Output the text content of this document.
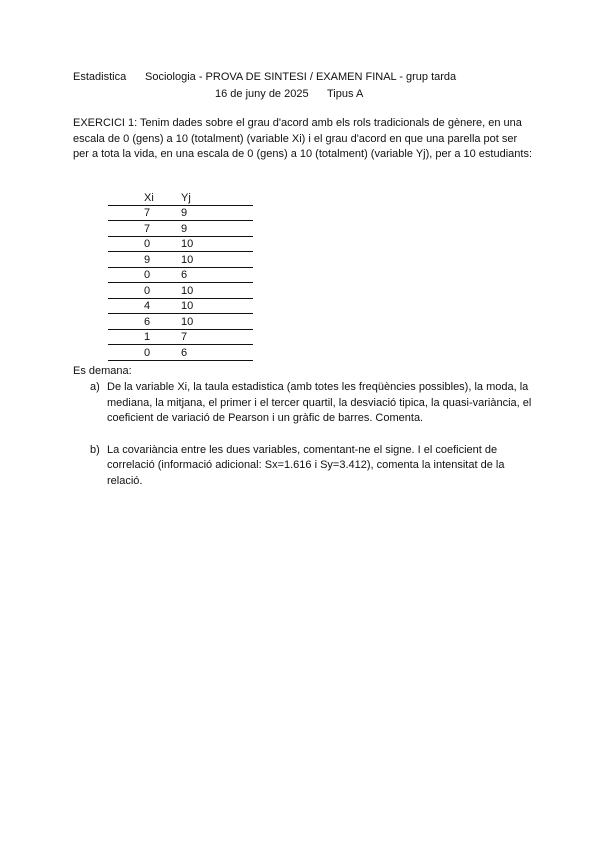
Estadistica Sociologia - PROVA DE SINTESI / EXAMEN FINAL - grup tarda
16 de juny de 2025 Tipus A

EXERCICI 1: Tenim dades sobre el grau d'acord amb els rols tradicionals de gènere, en una escala de 0 (gens) a 10 (totalment) (variable Xi) i el grau d'acord en que una parella pot ser per a tota la vida, en una escala de 0 (gens) a 10 (totalment) (variable Yj), per a 10 estudiants:

Xi	Yj
7	9
7	9
0	10
9	10
0	6
0	10
4	10
6	10
1	7
0	6
Es demana:
a) De la variable Xi, la taula estadistica (amb totes les freqüències possibles), la moda, la mediana, la mitjana, el primer i el tercer quartil, la desviació tipica, la quasi-variància, el coeficient de variació de Pearson i un gràfic de barres. Comenta.
b) La covariància entre les dues variables, comentant-ne el signe. I el coeficient de correlació (informació adicional: Sx=1.616 i Sy=3.412), comenta la intensitat de la relació.
